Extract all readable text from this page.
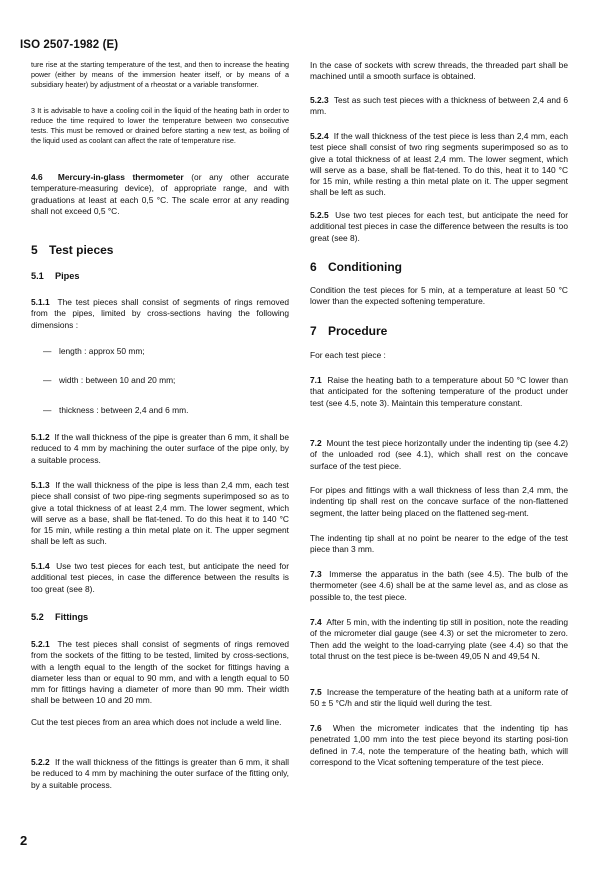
ISO 2507-1982 (E)

ture rise at the starting temperature of the test, and then to increase the heating power (either by means of the immersion heater itself, or by means of a subsidiary heater) by adjustment of a rheostat or a variable transformer.

3 It is advisable to have a cooling coil in the liquid of the heating bath in order to reduce the time required to lower the temperature between two consecutive tests. This must be removed or drained before starting a new test, as boiling of the liquid used as coolant can affect the rate of temperature rise.

4.6 Mercury-in-glass thermometer (or any other accurate temperature-measuring device), of appropriate range, and with graduations at least at each 0,5 °C. The scale error at any reading shall not exceed 0,5 °C.

5 Test pieces
5.1 Pipes

5.1.1 The test pieces shall consist of segments of rings removed from the pipes, limited by cross-sections having the following dimensions :

— length : approx 50 mm;
— width : between 10 and 20 mm;
— thickness : between 2,4 and 6 mm.

5.1.2 If the wall thickness of the pipe is greater than 6 mm, it shall be reduced to 4 mm by machining the outer surface of the pipe only, by a suitable process.

5.1.3 If the wall thickness of the pipe is less than 2,4 mm, each test piece shall consist of two pipe-ring segments superimposed so as to give a total thickness of at least 2,4 mm. The lower segment, which will serve as a base, shall be flat-tened. To do this heat it to 140 °C for 15 min, while resting a thin metal plate on it. The upper segment shall be left as such.

5.1.4 Use two test pieces for each test, but anticipate the need for additional test pieces, in case the difference between the results is too great (see 8).

5.2 Fittings

5.2.1 The test pieces shall consist of segments of rings removed from the sockets of the fitting to be tested, limited by cross-sections, with a length equal to the length of the socket for fittings having a diameter less than or equal to 90 mm, and with a length equal to 50 mm for fittings having a diameter of more than 90 mm. Their width shall be between 10 and 20 mm.

Cut the test pieces from an area which does not include a weld line.

5.2.2 If the wall thickness of the fittings is greater than 6 mm, it shall be reduced to 4 mm by machining the outer surface of the fitting only, by a suitable process.

In the case of sockets with screw threads, the threaded part shall be machined until a smooth surface is obtained.

5.2.3 Test as such test pieces with a thickness of between 2,4 and 6 mm.

5.2.4 If the wall thickness of the test piece is less than 2,4 mm, each test piece shall consist of two ring segments superimposed so as to give a total thickness of at least 2,4 mm. The lower segment, which will serve as a base, shall be flat-tened. To do this, heat it to 140 °C for 15 min, while resting a thin metal plate on it. The upper segment shall be left as such.

5.2.5 Use two test pieces for each test, but anticipate the need for additional test pieces in case the difference between the results is too great (see 8).

6 Conditioning

Condition the test pieces for 5 min, at a temperature at least 50 °C lower than the expected softening temperature.

7 Procedure

For each test piece :

7.1 Raise the heating bath to a temperature about 50 °C lower than that anticipated for the softening temperature of the product under test (see 4.5, note 3). Maintain this temperature constant.

7.2 Mount the test piece horizontally under the indenting tip (see 4.2) of the unloaded rod (see 4.1), which shall rest on the concave surface of the test piece.

For pipes and fittings with a wall thickness of less than 2,4 mm, the indenting tip shall rest on the concave surface of the non-flattened segment, the latter being placed on the flattened seg-ment.

The indenting tip shall at no point be nearer to the edge of the test piece than 3 mm.

7.3 Immerse the apparatus in the bath (see 4.5). The bulb of the thermometer (see 4.6) shall be at the same level as, and as close as possible to, the test piece.

7.4 After 5 min, with the indenting tip still in position, note the reading of the micrometer dial gauge (see 4.3) or set the micrometer to zero. Then add the weight to the load-carrying plate (see 4.4) so that the total thrust on the test piece is be-tween 49,05 N and 49,54 N.

7.5 Increase the temperature of the heating bath at a uniform rate of 50 ± 5 °C/h and stir the liquid well during the test.

7.6 When the micrometer indicates that the indenting tip has penetrated 1,00 mm into the test piece beyond its starting posi-tion defined in 7.4, note the temperature of the heating bath, which will correspond to the Vicat softening temperature of the test piece.

2
